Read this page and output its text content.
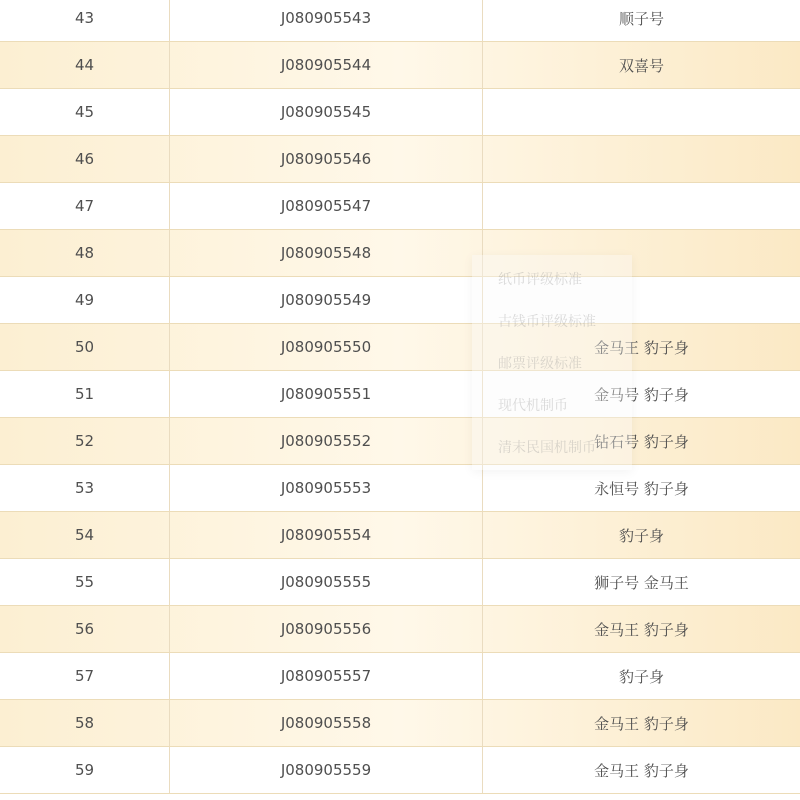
43	J080905543	顺子号
44	J080905544	双喜号
45	J080905545
46	J080905546
47	J080905547
48	J080905548
49	J080905549
50	J080905550	金马王 豹子身
51	J080905551	金马号 豹子身
52	J080905552	钻石号 豹子身
53	J080905553	永恒号 豹子身
54	J080905554	豹子身
55	J080905555	狮子号 金马王
56	J080905556	金马王 豹子身
57	J080905557	豹子身
58	J080905558	金马王 豹子身
59	J080905559	金马王 豹子身
纸币评级标准
古钱币评级标准
邮票评级标准
现代机制币
清末民国机制币
